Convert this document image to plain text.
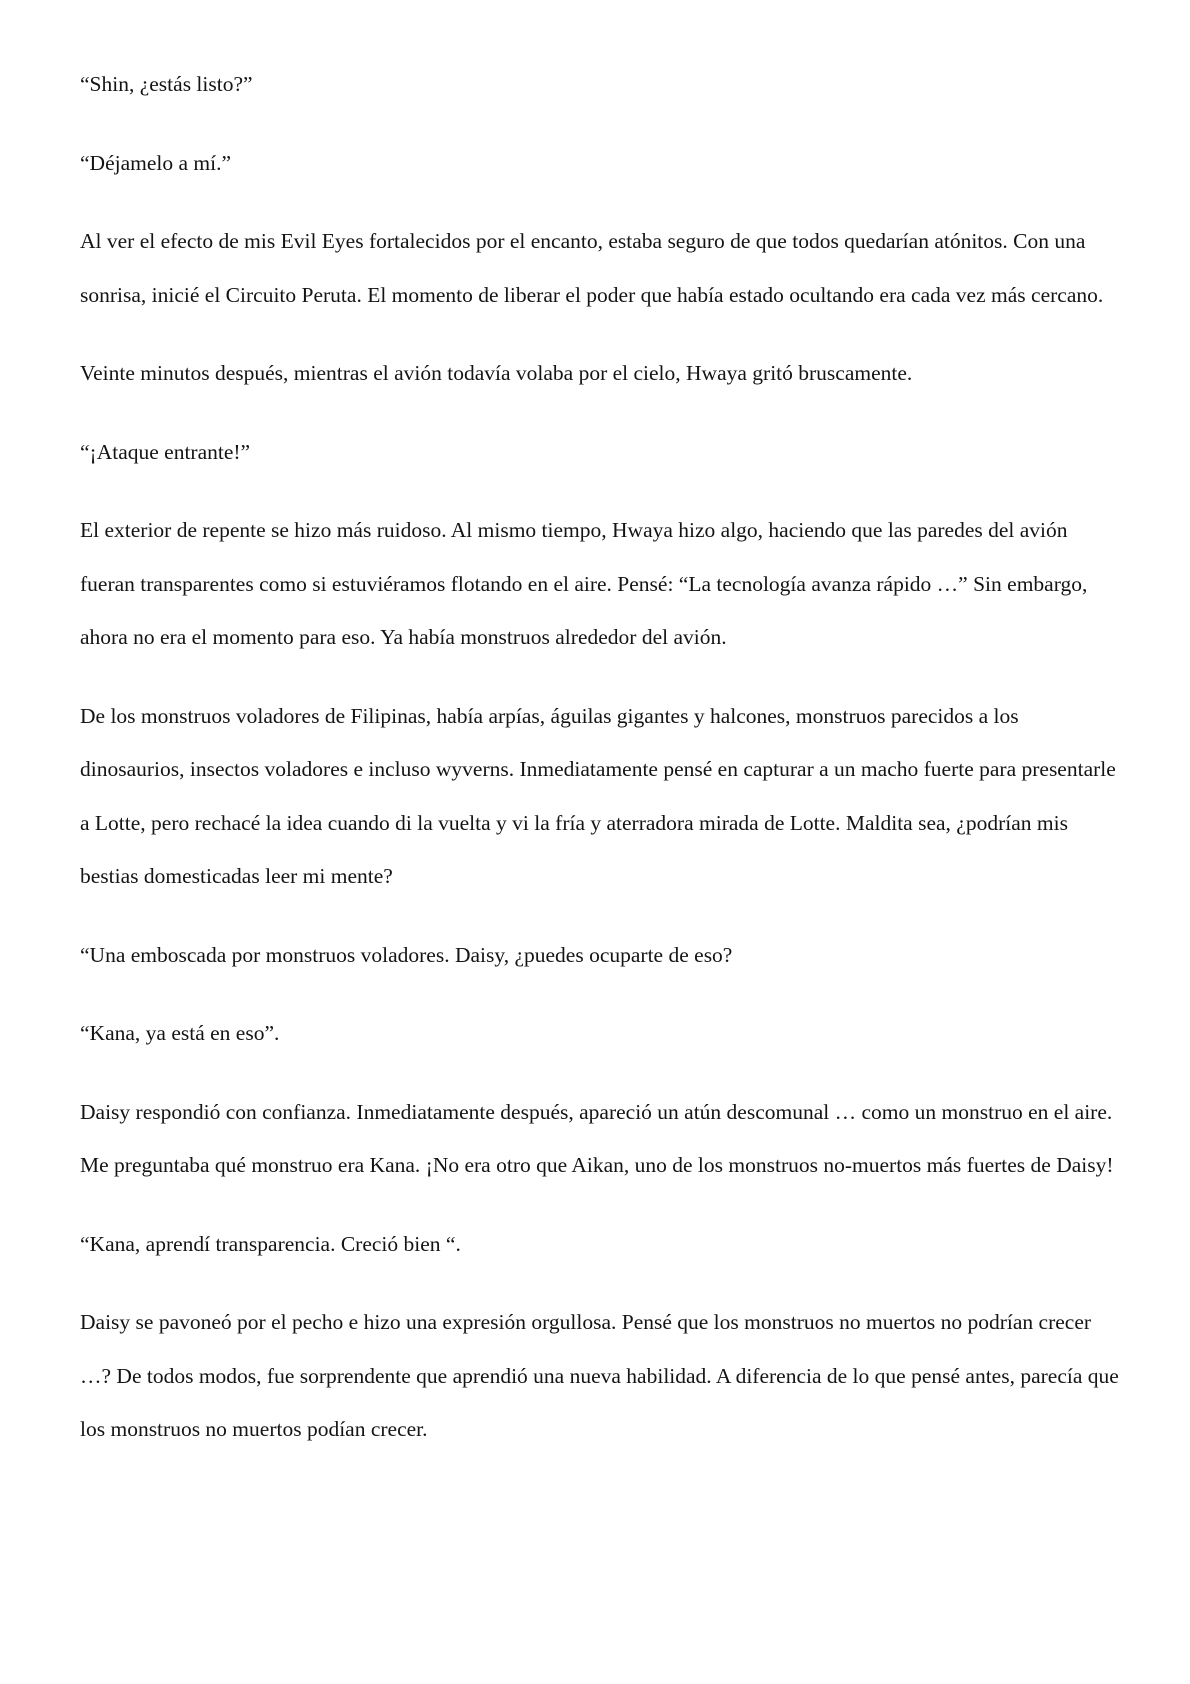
“Shin, ¿estás listo?”

“Déjamelo a mí.”

Al ver el efecto de mis Evil Eyes fortalecidos por el encanto, estaba seguro de que todos quedarían atónitos. Con una sonrisa, inicié el Circuito Peruta. El momento de liberar el poder que había estado ocultando era cada vez más cercano.

Veinte minutos después, mientras el avión todavía volaba por el cielo, Hwaya gritó bruscamente.

“¡Ataque entrante!”

El exterior de repente se hizo más ruidoso. Al mismo tiempo, Hwaya hizo algo, haciendo que las paredes del avión fueran transparentes como si estuviéramos flotando en el aire. Pensé: “La tecnología avanza rápido …” Sin embargo, ahora no era el momento para eso. Ya había monstruos alrededor del avión.

De los monstruos voladores de Filipinas, había arpías, águilas gigantes y halcones, monstruos parecidos a los dinosaurios, insectos voladores e incluso wyverns. Inmediatamente pensé en capturar a un macho fuerte para presentarle a Lotte, pero rechacé la idea cuando di la vuelta y vi la fría y aterradora mirada de Lotte. Maldita sea, ¿podrían mis bestias domesticadas leer mi mente?

“Una emboscada por monstruos voladores. Daisy, ¿puedes ocuparte de eso?

“Kana, ya está en eso”.

Daisy respondió con confianza. Inmediatamente después, apareció un atún descomunal … como un monstruo en el aire. Me preguntaba qué monstruo era Kana. ¡No era otro que Aikan, uno de los monstruos no-muertos más fuertes de Daisy!

“Kana, aprendí transparencia. Creció bien “.

Daisy se pavoneó por el pecho e hizo una expresión orgullosa. Pensé que los monstruos no muertos no podrían crecer …? De todos modos, fue sorprendente que aprendió una nueva habilidad. A diferencia de lo que pensé antes, parecía que los monstruos no muertos podían crecer.
